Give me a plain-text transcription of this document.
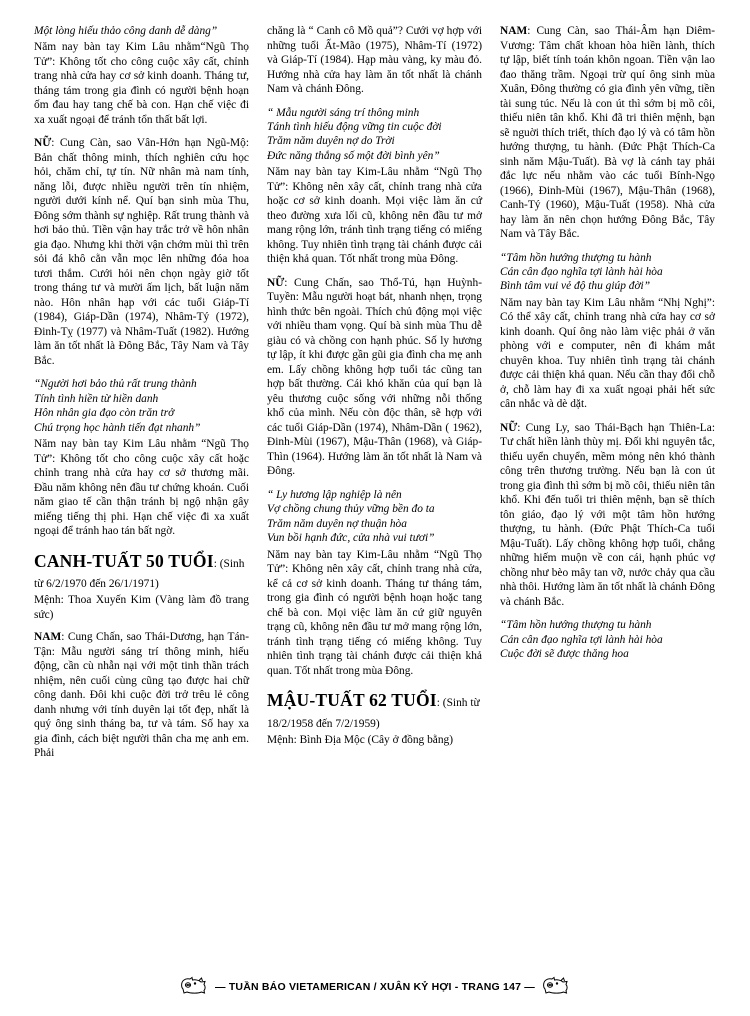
Một lòng hiếu thảo công danh dễ dàng”

Năm nay bàn tay Kim Lâu nhằm“Ngũ Thọ Tử”: Không tốt cho công cuộc xây cất, chỉnh trang nhà cửa hay cơ sở kinh doanh. Tháng tư, tháng tám trong gia đình có người bệnh hoạn ốm đau hay tang chế bà con. Hạn chế việc đi xa xuất ngoại để tránh tổn thất bất lợi.

NỮ: Cung Càn, sao Vân-Hớn hạn Ngũ-Mộ: Bản chất thông minh, thích nghiên cứu học hỏi, chăm chỉ, tự tín. Nữ nhân mà nam tính, năng lỗi, được nhiều người trên tín nhiệm, người dưới kính nể. Quí bạn sinh mùa Thu, Đông sớm thành sự nghiệp. Rất trung thành và hơi bảo thủ. Tiền vận hay trắc trở về hôn nhân gia đạo. Nhưng khi thời vận chớm mùi thì trên sỏi đá khô cằn vẫn mọc lên những đóa hoa tươi thắm. Cưới hỏi nên chọn ngày giờ tốt trong tháng tư và mười ấm lịch, bất luận năm nào. Hôn nhân hạp với các tuổi Giáp-Tí (1984), Giáp-Dần (1974), Nhâm-Tý (1972), Đinh-Tỵ (1977) và Nhâm-Tuất (1982). Hướng làm ăn tốt nhất là Đông Bắc, Tây Nam và Tây Bắc.

“Người hơi bảo thủ rất trung thành

Tính tình hiền từ hiền danh

Hôn nhân gia đạo còn trăn trở

Chú trọng học hành tiến đạt nhanh”

Năm nay bàn tay Kim Lâu nhằm “Ngũ Thọ Tử”: Không tốt cho công cuộc xây cất hoặc chỉnh trang nhà cửa hay cơ sở thương mãi. Đầu năm không nên đầu tư chứng khoán. Cuối năm giao tế cần thận tránh bị ngộ nhận gây miếng tiếng thị phi. Hạn chế việc đi xa xuất ngoại để tránh hao tán bất ngờ.

CANH-TUẤT 50 TUỔI: (Sinh từ 6/2/1970 đến 26/1/1971)

Mệnh: Thoa Xuyến Kim (Vàng làm đồ trang sức)

NAM: Cung Chấn, sao Thái-Dương, hạn Tán-Tận: Mẫu người sáng trí thông minh, hiếu động, cần cù nhẫn nại với một tinh thần trách nhiệm, nên cuối cùng cũng tạo được hai chữ công danh. Đôi khi cuộc đời trở trêu lẻ công danh nhưng với tính duyên lại tốt đẹp, nhất là quý ông sinh tháng ba, tư và tám. Số hay xa gia đình, cách biệt người thân cha mẹ anh em. Phải

chăng là “ Canh cô Mồ quả”? Cưới vợ hợp với những tuổi Ất-Mão (1975), Nhâm-Tí (1972) và Giáp-Tí (1984). Hạp màu vàng, ky màu đỏ. Hướng nhà cửa hay làm ăn tốt nhất là chánh Nam và chánh Đông.

“ Mẫu người sáng trí thông minh

Tánh tình hiếu động vững tin cuộc đời

Trăm năm duyên nợ do Trời

Đức năng thắng số một đời bình yên”

Năm nay bàn tay Kim-Lâu nhằm “Ngũ Thọ Tử”: Không nên xây cất, chỉnh trang nhà cửa hoặc cơ sở kinh doanh. Mọi việc làm ăn cứ theo đường xưa lối cũ, không nên đầu tư mở mang rộng lớn, tránh tình trạng tiếng có miếng không. Tuy nhiên tình trạng tài chánh được cải thiện khả quan. Tốt nhất trong mùa Đông.

NỮ: Cung Chấn, sao Thổ-Tú, hạn Huỳnh-Tuyền: Mẫu người hoạt bát, nhanh nhẹn, trọng hình thức bên ngoài. Thích chủ động mọi việc với nhiều tham vọng. Quí bà sinh mùa Thu dễ giàu có và chồng con hạnh phúc. Số ly hương tự lập, ít khi được gần gũi gia đình cha mẹ anh em. Lấy chồng không hợp tuổi tác cũng tan hợp bất thường. Cái khó khăn của quí bạn là yêu thương cuộc sống với những nỗi thống khổ của mình. Nếu còn độc thân, sẽ hợp với các tuổi Giáp-Dần (1974), Nhâm-Dần ( 1962), Đinh-Mùi (1967), Mậu-Thân (1968), và Giáp-Thìn (1964). Hướng làm ăn tốt nhất là Nam và Đông.

“ Ly hương lập nghiệp là nên

Vợ chồng chung thủy vững bền đo ta

Trăm năm duyên nợ thuận hòa

Vun bồi hạnh đức, cửa nhà vui tươi”

Năm nay bàn tay Kim-Lâu nhằm “Ngũ Thọ Tử”: Không nên xây cất, chỉnh trang nhà cửa, kể cả cơ sở kinh doanh. Tháng tư tháng tám, trong gia đình có người bệnh hoạn hoặc tang chế bà con. Mọi việc làm ăn cứ giữ nguyên trạng cũ, không nên đầu tư mở mang rộng lớn, tránh tình trạng tiếng có miếng không. Tuy nhiên tình trạng tài chánh được cải thiện khả quan. Tốt nhất trong mùa Đông.

MẬU-TUẤT 62 TUỔI: (Sinh từ 18/2/1958 đến 7/2/1959)

Mệnh: Bình Địa Mộc (Cây ở đồng bằng)

NAM: Cung Càn, sao Thái-Âm hạn Diêm-Vương: Tâm chất khoan hòa hiền lành, thích tự lập, biết tính toán khôn ngoan. Tiền vận lao đao thăng trầm. Ngoại trừ quí ông sinh mùa Xuân, Đông thường có gia đình yên vững, tiền tài sung túc. Nếu là con út thì sớm bị mồ côi, thiếu niên tân khổ. Khi đã tri thiên mệnh, bạn sẽ nguời thích triết, thích đạo lý và có tâm hồn hướng thượng, tu hành. (Đức Phật Thích-Ca sinh năm Mậu-Tuất). Bà vợ là cánh tay phải đắc lực nếu nhằm vào các tuổi Bính-Ngọ (1966), Đinh-Mùi (1967), Mậu-Thân (1968), Canh-Tý (1960), Mậu-Tuất (1958). Nhà cửa hay làm ăn nên chọn hướng Đông Bắc, Tây Nam và Tây Bắc.

“Tâm hồn hướng thượng tu hành

Cán cân đạo nghĩa tợi lành hài hòa

Bình tâm vui vẻ độ thu giúp đời”

Năm nay bàn tay Kim Lâu nhằm “Nhị Nghị”: Có thể xây cất, chỉnh trang nhà cửa hay cơ sở kinh doanh. Quí ông nào làm việc phải ở văn phòng với e computer, nên đi khám mắt chuyên khoa. Tuy nhiên tình trạng tài chánh được cải thiện khả quan. Nếu cần thay đổi chỗ ở, chỗ làm hay đi xa xuất ngoại phải hết sức cân nhắc và dè dặt.

NỮ: Cung Ly, sao Thái-Bạch hạn Thiên-La: Tư chất hiền lành thùy mị. Đối khi nguyên tắc, thiếu uyển chuyển, mềm mỏng nên khó thành công trên thương trường. Nếu bạn là con út trong gia đình thì sớm bị mồ côi, thiếu niên tân khổ. Khi đến tuổi tri thiên mệnh, bạn sẽ thích tôn giáo, đạo lý với một tâm hồn hướng thượng, tu hành. (Đức Phật Thích-Ca tuổi Mậu-Tuất). Lấy chồng không hợp tuổi, chẳng những hiếm muộn về con cái, hạnh phúc vợ chồng như bèo mây tan vỡ, nước chảy qua cầu nhà thôi. Hướng làm ăn tốt nhất là chánh Đông và chánh Bắc.

“Tâm hồn hướng thượng tu hành

Cán cân đạo nghĩa tợi lành hài hòa

Cuộc đời sẽ được thăng hoa

— TUẦN BÁO VIETAMERICAN / XUÂN KỶ HỢI - TRANG 147 —
